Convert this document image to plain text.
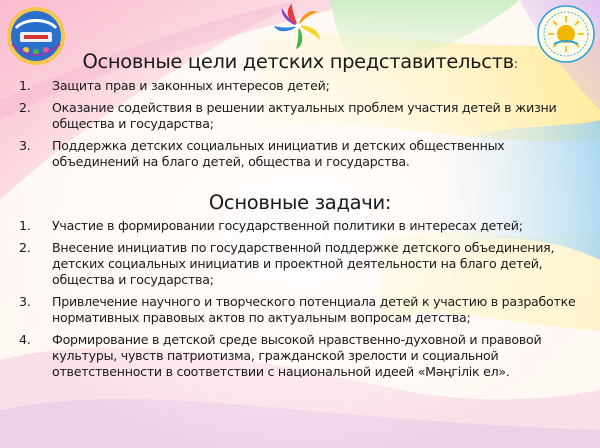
Основные цели детских представительств:
1. Защита прав и законных интересов детей;
2. Оказание содействия в решении актуальных проблем участия детей в жизни общества и государства;
3. Поддержка детских социальных инициатив и детских общественных объединений на благо детей, общества и государства.
Основные задачи:
1. Участие в формировании государственной политики в интересах детей;
2. Внесение инициатив по государственной поддержке детского объединения, детских социальных инициатив и проектной деятельности на благо детей, общества и государства;
3. Привлечение научного и творческого потенциала детей к участию в разработке нормативных правовых актов по актуальным вопросам детства;
4. Формирование в детской среде высокой нравственно-духовной и правовой культуры, чувств патриотизма, гражданской зрелости и социальной ответственности в соответствии с национальной идеей «Мәңгілік ел».
